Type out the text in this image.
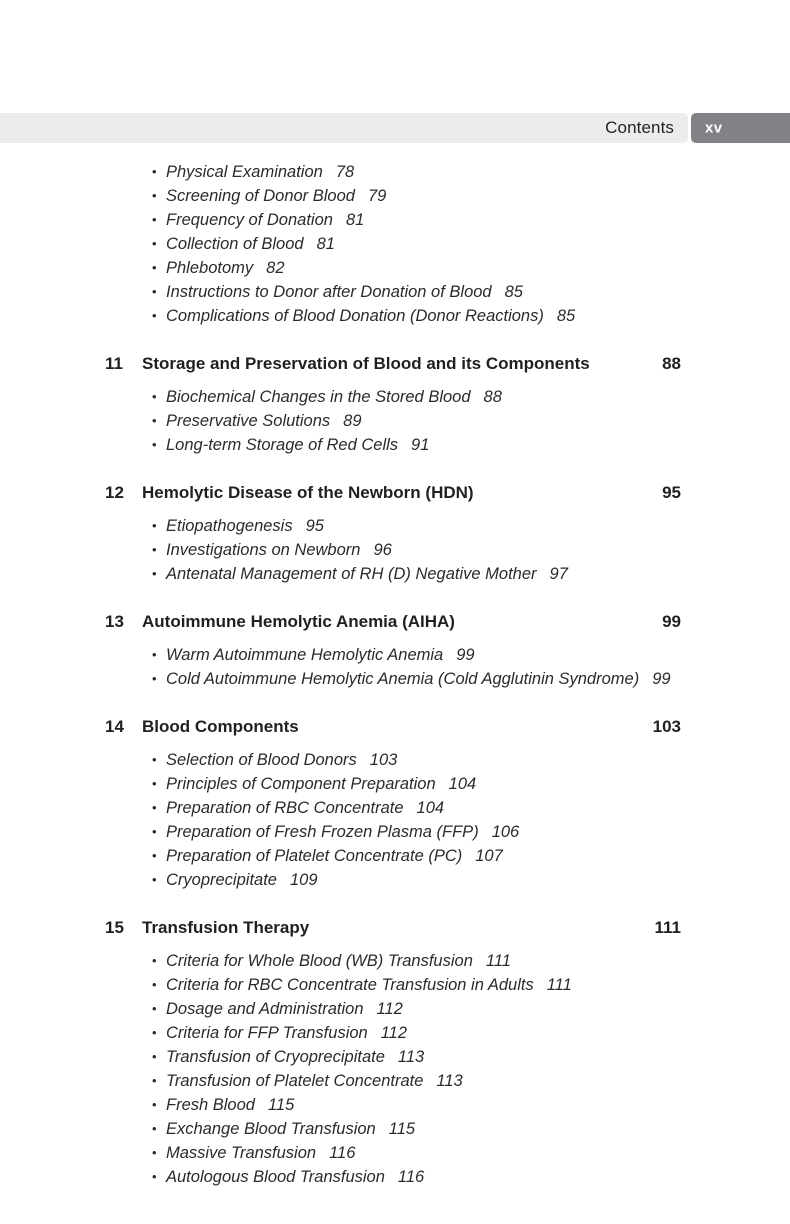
Contents xv
• Physical Examination 78
• Screening of Donor Blood 79
• Frequency of Donation 81
• Collection of Blood 81
• Phlebotomy 82
• Instructions to Donor after Donation of Blood 85
• Complications of Blood Donation (Donor Reactions) 85
11	Storage and Preservation of Blood and its Components	88
• Biochemical Changes in the Stored Blood 88
• Preservative Solutions 89
• Long-term Storage of Red Cells 91
12	Hemolytic Disease of the Newborn (HDN)	95
• Etiopathogenesis 95
• Investigations on Newborn 96
• Antenatal Management of RH (D) Negative Mother 97
13	Autoimmune Hemolytic Anemia (AIHA)	99
• Warm Autoimmune Hemolytic Anemia 99
• Cold Autoimmune Hemolytic Anemia (Cold Agglutinin Syndrome) 99
14	Blood Components	103
• Selection of Blood Donors 103
• Principles of Component Preparation 104
• Preparation of RBC Concentrate 104
• Preparation of Fresh Frozen Plasma (FFP) 106
• Preparation of Platelet Concentrate (PC) 107
• Cryoprecipitate 109
15	Transfusion Therapy	111
• Criteria for Whole Blood (WB) Transfusion 111
• Criteria for RBC Concentrate Transfusion in Adults 111
• Dosage and Administration 112
• Criteria for FFP Transfusion 112
• Transfusion of Cryoprecipitate 113
• Transfusion of Platelet Concentrate 113
• Fresh Blood 115
• Exchange Blood Transfusion 115
• Massive Transfusion 116
• Autologous Blood Transfusion 116
